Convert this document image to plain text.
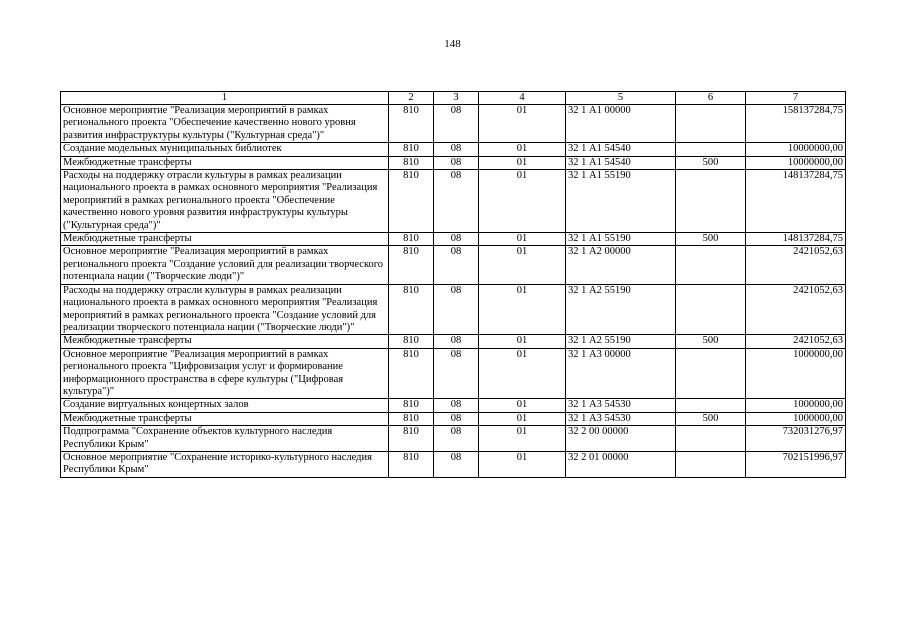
148
1	2	3	4	5	6	7
Основное мероприятие "Реализация мероприятий в рамках регионального проекта "Обеспечение качественно нового уровня развития инфраструктуры культуры ("Культурная среда")"	810	08	01	32 1 А1 00000		158137284,75
Создание модельных муниципальных библиотек	810	08	01	32 1 А1 54540		10000000,00
Межбюджетные трансферты	810	08	01	32 1 А1 54540	500	10000000,00
Расходы на поддержку отрасли культуры в рамках реализации национального проекта в рамках основного мероприятия "Реализация мероприятий в рамках регионального проекта "Обеспечение качественно нового уровня развития инфраструктуры культуры ("Культурная среда")"	810	08	01	32 1 А1 55190		148137284,75
Межбюджетные трансферты	810	08	01	32 1 А1 55190	500	148137284,75
Основное мероприятие "Реализация мероприятий в рамках регионального проекта "Создание условий для реализации творческого потенциала нации ("Творческие люди")"	810	08	01	32 1 А2 00000		2421052,63
Расходы на поддержку отрасли культуры в рамках реализации национального проекта в рамках основного мероприятия "Реализация мероприятий в рамках регионального проекта "Создание условий для реализации творческого потенциала нации ("Творческие люди")"	810	08	01	32 1 А2 55190		2421052,63
Межбюджетные трансферты	810	08	01	32 1 А2 55190	500	2421052,63
Основное мероприятие "Реализация мероприятий в рамках регионального проекта "Цифровизация услуг и формирование информационного пространства в сфере культуры ("Цифровая культура")"	810	08	01	32 1 А3 00000		1000000,00
Создание виртуальных концертных залов	810	08	01	32 1 А3 54530		1000000,00
Межбюджетные трансферты	810	08	01	32 1 А3 54530	500	1000000,00
Подпрограмма "Сохранение объектов культурного наследия Республики Крым"	810	08	01	32 2 00 00000		732031276,97
Основное мероприятие "Сохранение историко-культурного наследия Республики Крым"	810	08	01	32 2 01 00000		702151996,97
